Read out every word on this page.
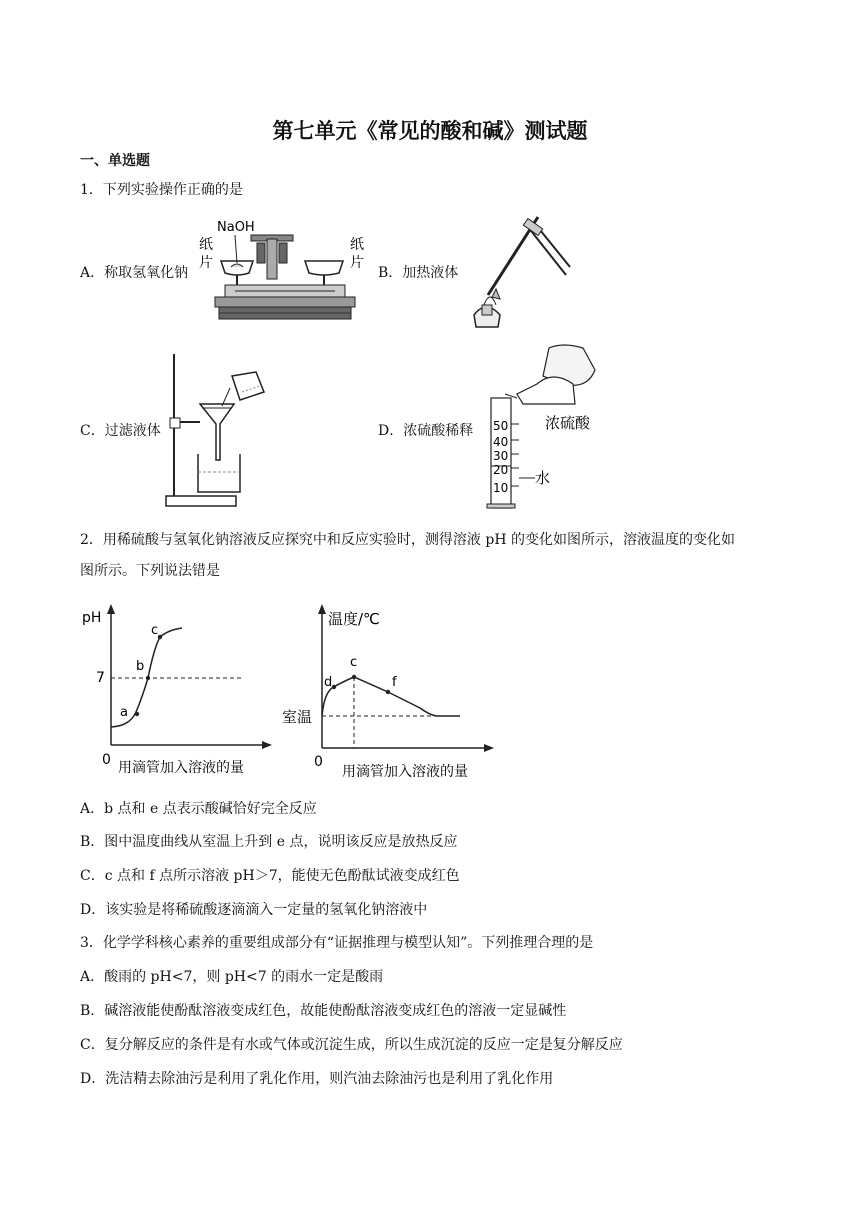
第七单元《常见的酸和碱》测试题
一、单选题
1．下列实验操作正确的是
A．称取氢氧化钠	B．加热液体
C．过滤液体	D．浓硫酸稀释
NaOH
纸
片
纸
片
50
40
30
20
10
浓硫酸
水
2．用稀硫酸与氢氧化钠溶液反应探究中和反应实验时，测得溶液 pH 的变化如图所示，溶液温度的变化如
图所示。下列说法错是
pH
7
0 用滴管加入溶液的量
a
b
c
温度/℃
室温
0
用滴管加入溶液的量
d
c
f
A．b 点和 e 点表示酸碱恰好完全反应
B．图中温度曲线从室温上升到 e 点，说明该反应是放热反应
C．c 点和 f 点所示溶液 pH＞7，能使无色酚酞试液变成红色
D．该实验是将稀硫酸逐滴滴入一定量的氢氧化钠溶液中
3．化学学科核心素养的重要组成部分有“证据推理与模型认知”。下列推理合理的是
A．酸雨的 pH<7，则 pH<7 的雨水一定是酸雨
B．碱溶液能使酚酞溶液变成红色，故能使酚酞溶液变成红色的溶液一定显碱性
C．复分解反应的条件是有水或气体或沉淀生成，所以生成沉淀的反应一定是复分解反应
D．洗洁精去除油污是利用了乳化作用，则汽油去除油污也是利用了乳化作用
